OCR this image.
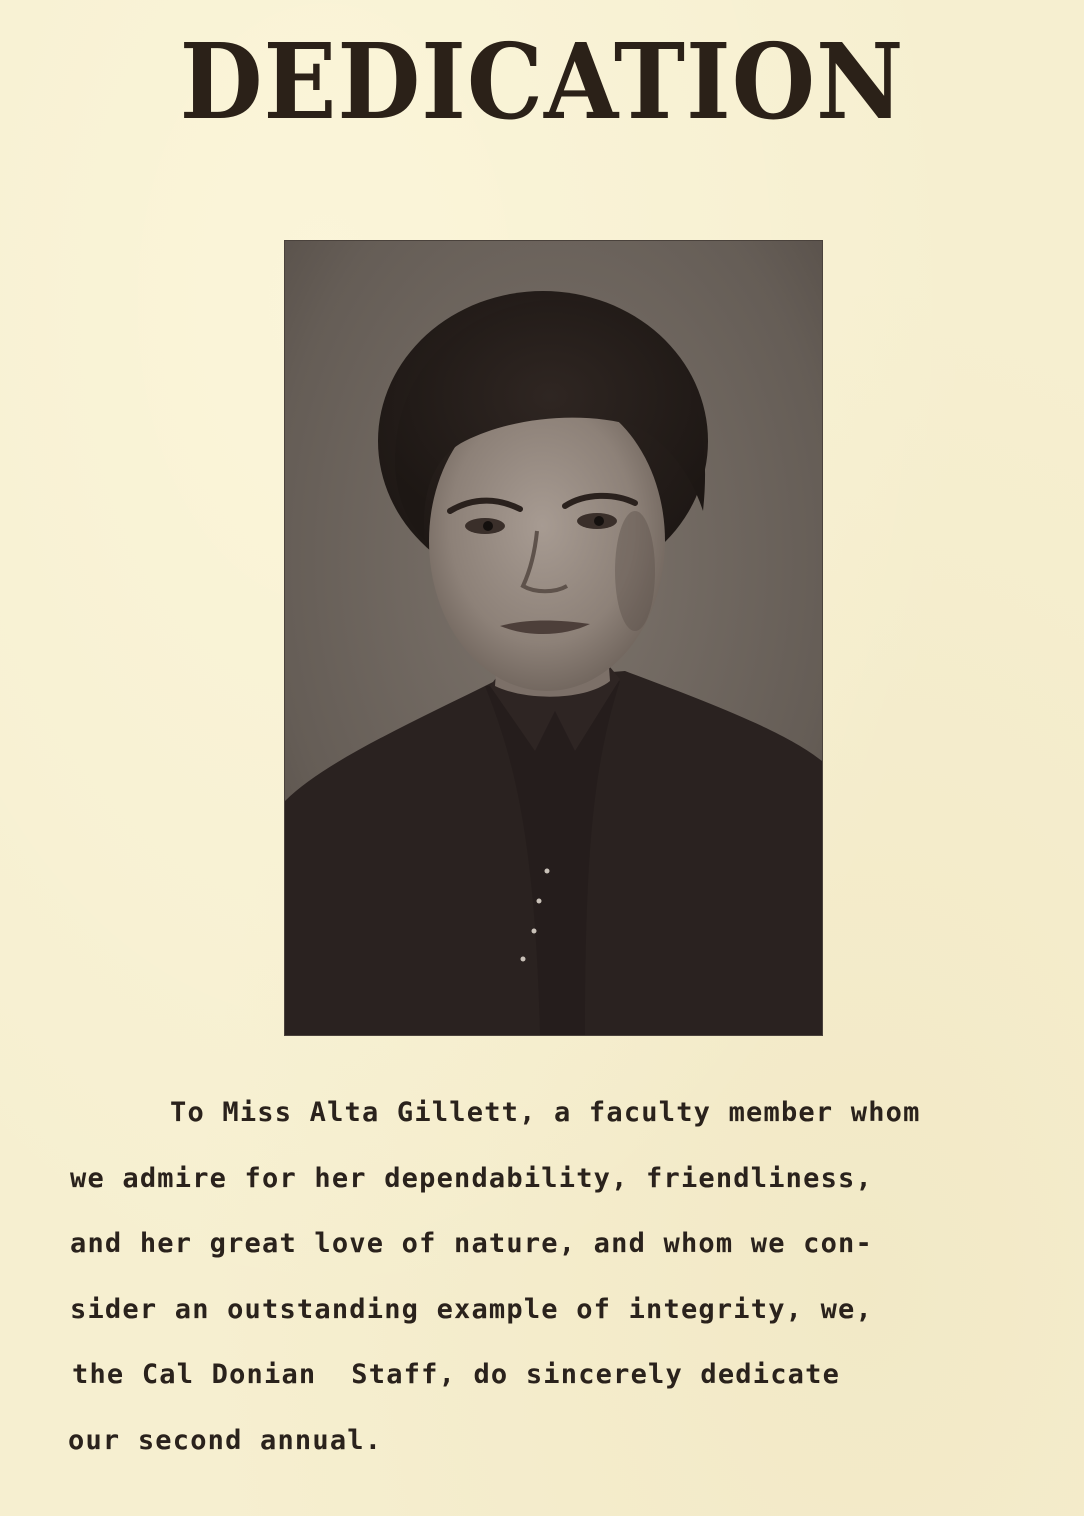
DEDICATION

To Miss Alta Gillett, a faculty member whom
we admire for her dependability, friendliness,
and her great love of nature, and whom we con-
sider an outstanding example of integrity, we,
the Cal Donian  Staff, do sincerely dedicate
our second annual.
